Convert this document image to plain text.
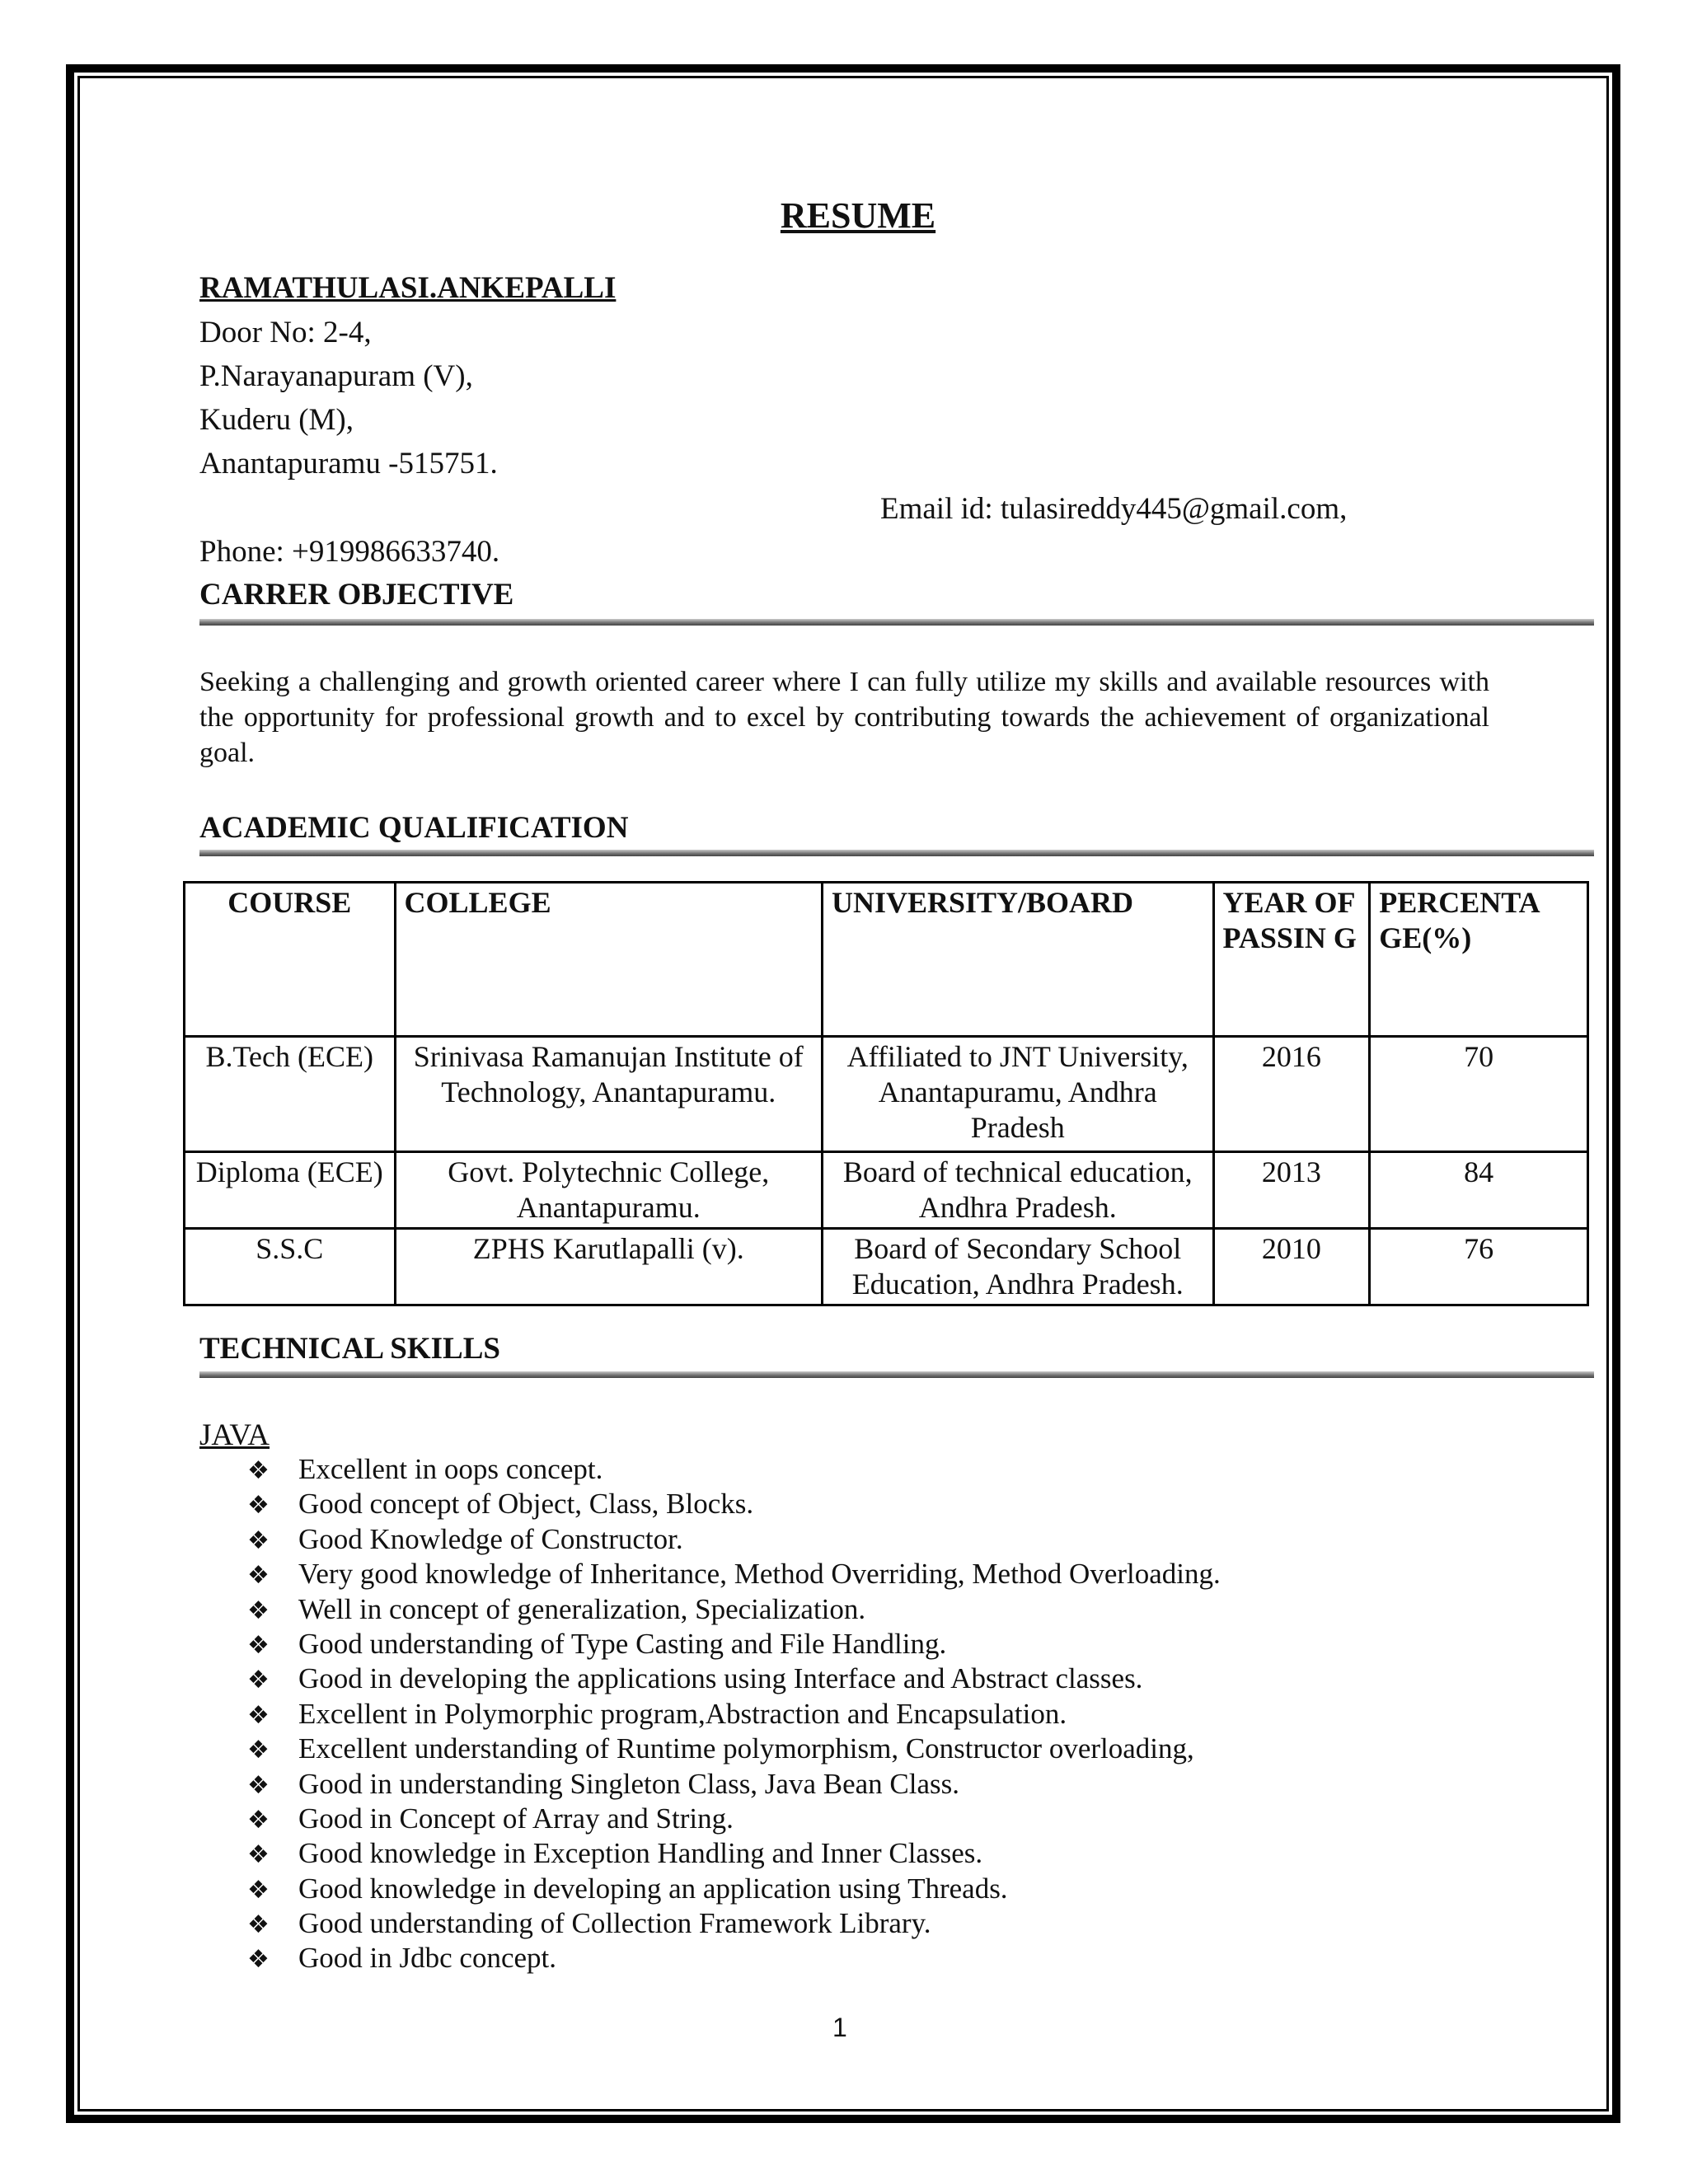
RESUME
RAMATHULASI.ANKEPALLI
Door No: 2-4,
P.Narayanapuram (V),
Kuderu (M),
Anantapuramu -515751.
Email id: tulasireddy445@gmail.com,
Phone: +919986633740.
CARRER OBJECTIVE
Seeking a challenging and growth oriented career where I can fully utilize my skills and available resources with the opportunity for professional growth and to excel by contributing towards the achievement of organizational goal.
ACADEMIC QUALIFICATION
TECHNICAL SKILLS
JAVA
❖ Excellent in oops concept.
❖ Good concept of Object, Class, Blocks.
❖ Good Knowledge of Constructor.
❖ Very good knowledge of Inheritance, Method Overriding, Method Overloading.
❖ Well in concept of generalization, Specialization.
❖ Good understanding of Type Casting and File Handling.
❖ Good in developing the applications using Interface and Abstract classes.
❖ Excellent in Polymorphic program,Abstraction and Encapsulation.
❖ Excellent understanding of Runtime polymorphism, Constructor overloading,
❖ Good in understanding Singleton Class, Java Bean Class.
❖ Good in Concept of Array and String.
❖ Good knowledge in Exception Handling and Inner Classes.
❖ Good knowledge in developing an application using Threads.
❖ Good understanding of Collection Framework Library.
❖ Good in Jdbc concept.
COURSE	COLLEGE	UNIVERSITY/BOARD	YEAR OF PASSIN G	PERCENTA GE(%)
B.Tech (ECE)	Srinivasa Ramanujan Institute of Technology, Anantapuramu.	Affiliated to JNT University, Anantapuramu, Andhra Pradesh	2016	70
Diploma (ECE)	Govt. Polytechnic College, Anantapuramu.	Board of technical education, Andhra Pradesh.	2013	84
S.S.C	ZPHS Karutlapalli (v).	Board of Secondary School Education, Andhra Pradesh.	2010	76
1
